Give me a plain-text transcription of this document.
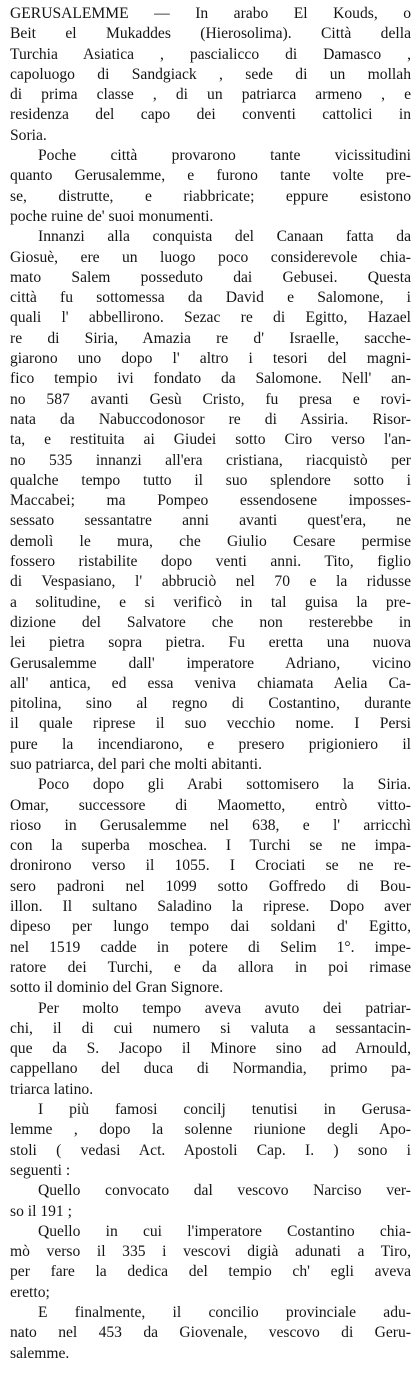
GERUSALEMME — In arabo El Kouds, o
Beit el Mukaddes (Hierosolima). Città della
Turchia Asiatica , pascialicco di Damasco ,
capoluogo di Sandgiack , sede di un mollah
di prima classe , di un patriarca armeno , e
residenza del capo dei conventi cattolici in
Soria.
Poche città provarono tante vicissitudini
quanto Gerusalemme, e furono tante volte pre-
se, distrutte, e riabbricate; eppure esistono
poche ruine de' suoi monumenti.
Innanzi alla conquista del Canaan fatta da
Giosuè, ere un luogo poco considerevole chia-
mato Salem posseduto dai Gebusei. Questa
città fu sottomessa da David e Salomone, i
quali l' abbellirono. Sezac re di Egitto, Hazael
re di Siria, Amazia re d' Israelle, sacche-
giarono uno dopo l' altro i tesori del magni-
fico tempio ivi fondato da Salomone. Nell' an-
no 587 avanti Gesù Cristo, fu presa e rovi-
nata da Nabuccodonosor re di Assiria. Risor-
ta, e restituita ai Giudei sotto Ciro verso l'an-
no 535 innanzi all'era cristiana, riacquistò per
qualche tempo tutto il suo splendore sotto i
Maccabei; ma Pompeo essendosene imposses-
sessato sessantatre anni avanti quest'era, ne
demolì le mura, che Giulio Cesare permise
fossero ristabilite dopo venti anni. Tito, figlio
di Vespasiano, l' abbruciò nel 70 e la ridusse
a solitudine, e si verificò in tal guisa la pre-
dizione del Salvatore che non resterebbe in
lei pietra sopra pietra. Fu eretta una nuova
Gerusalemme dall' imperatore Adriano, vicino
all' antica, ed essa veniva chiamata Aelia Ca-
pitolina, sino al regno di Costantino, durante
il quale riprese il suo vecchio nome. I Persi
pure la incendiarono, e presero prigioniero il
suo patriarca, del pari che molti abitanti.
Poco dopo gli Arabi sottomisero la Siria.
Omar, successore di Maometto, entrò vitto-
rioso in Gerusalemme nel 638, e l' arricchì
con la superba moschea. I Turchi se ne impa-
dronirono verso il 1055. I Crociati se ne re-
sero padroni nel 1099 sotto Goffredo di Bou-
illon. Il sultano Saladino la riprese. Dopo aver
dipeso per lungo tempo dai soldani d' Egitto,
nel 1519 cadde in potere di Selim 1°. impe-
ratore dei Turchi, e da allora in poi rimase
sotto il dominio del Gran Signore.
Per molto tempo aveva avuto dei patriar-
chi, il di cui numero si valuta a sessantacin-
que da S. Jacopo il Minore sino ad Arnould,
cappellano del duca di Normandia, primo pa-
triarca latino.
I più famosi concilj tenutisi in Gerusa-
lemme , dopo la solenne riunione degli Apo-
stoli ( vedasi Act. Apostoli Cap. I. ) sono i
seguenti :
Quello convocato dal vescovo Narciso ver-
so il 191 ;
Quello in cui l'imperatore Costantino chia-
mò verso il 335 i vescovi digià adunati a Tiro,
per fare la dedica del tempio ch' egli aveva
eretto;
E finalmente, il concilio provinciale adu-
nato nel 453 da Giovenale, vescovo di Geru-
salemme.
